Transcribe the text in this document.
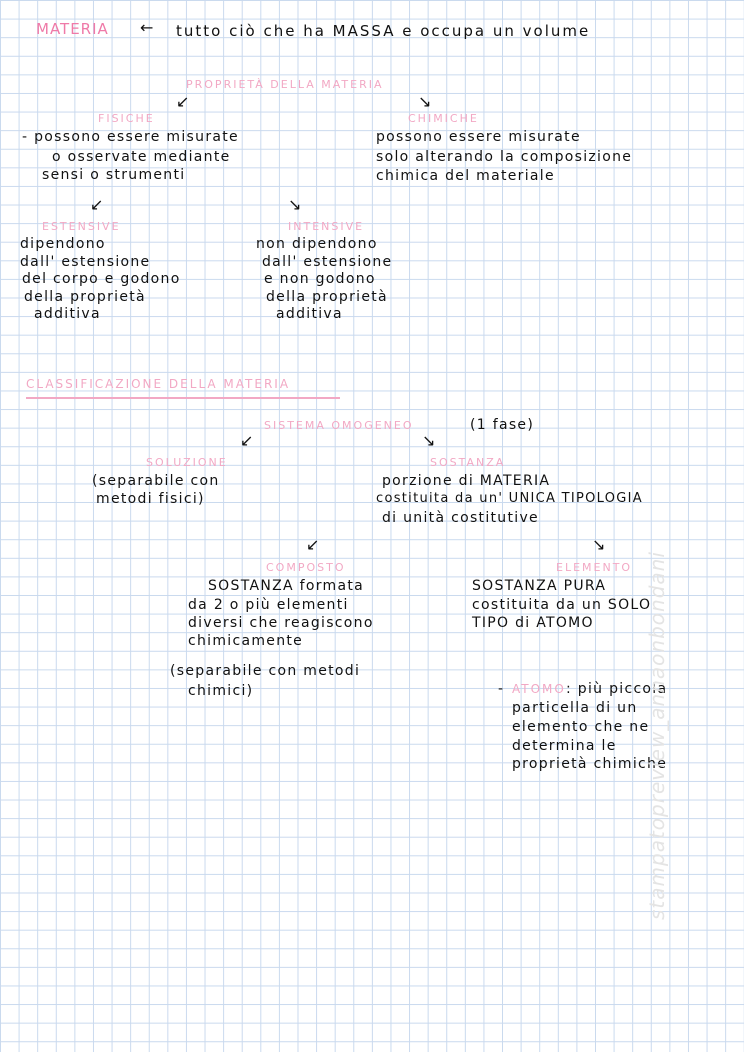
MATERIA ← tutto ciò che ha MASSA e occupa un volume
PROPRIETÀ DELLA MATERIA
↙	↘
FISICHE
- possono essere misurate
o osservate mediante
sensi o strumenti
CHIMICHE
possono essere misurate
solo alterando la composizione
chimica del materiale
↙	↘
ESTENSIVE
dipendono
dall' estensione
del corpo e godono
della proprietà
additiva
INTENSIVE
non dipendono
dall' estensione
e non godono
della proprietà
additiva
CLASSIFICAZIONE DELLA MATERIA
SISTEMA OMOGENEO	(1 fase)
↙	↘
SOLUZIONE
(separabile con
metodi fisici)
SOSTANZA
porzione di MATERIA
costituita da un' UNICA TIPOLOGIA
di unità costitutive
↙	↘
COMPOSTO
SOSTANZA formata
da 2 o più elementi
diversi che reagiscono
chimicamente
(separabile con metodi
chimici)
ELEMENTO
SOSTANZA PURA
costituita da un SOLO
TIPO di ATOMO
- ATOMO : più piccola
particella di un
elemento che ne
determina le
proprietà chimiche
stampatopreview_annaonbondani
